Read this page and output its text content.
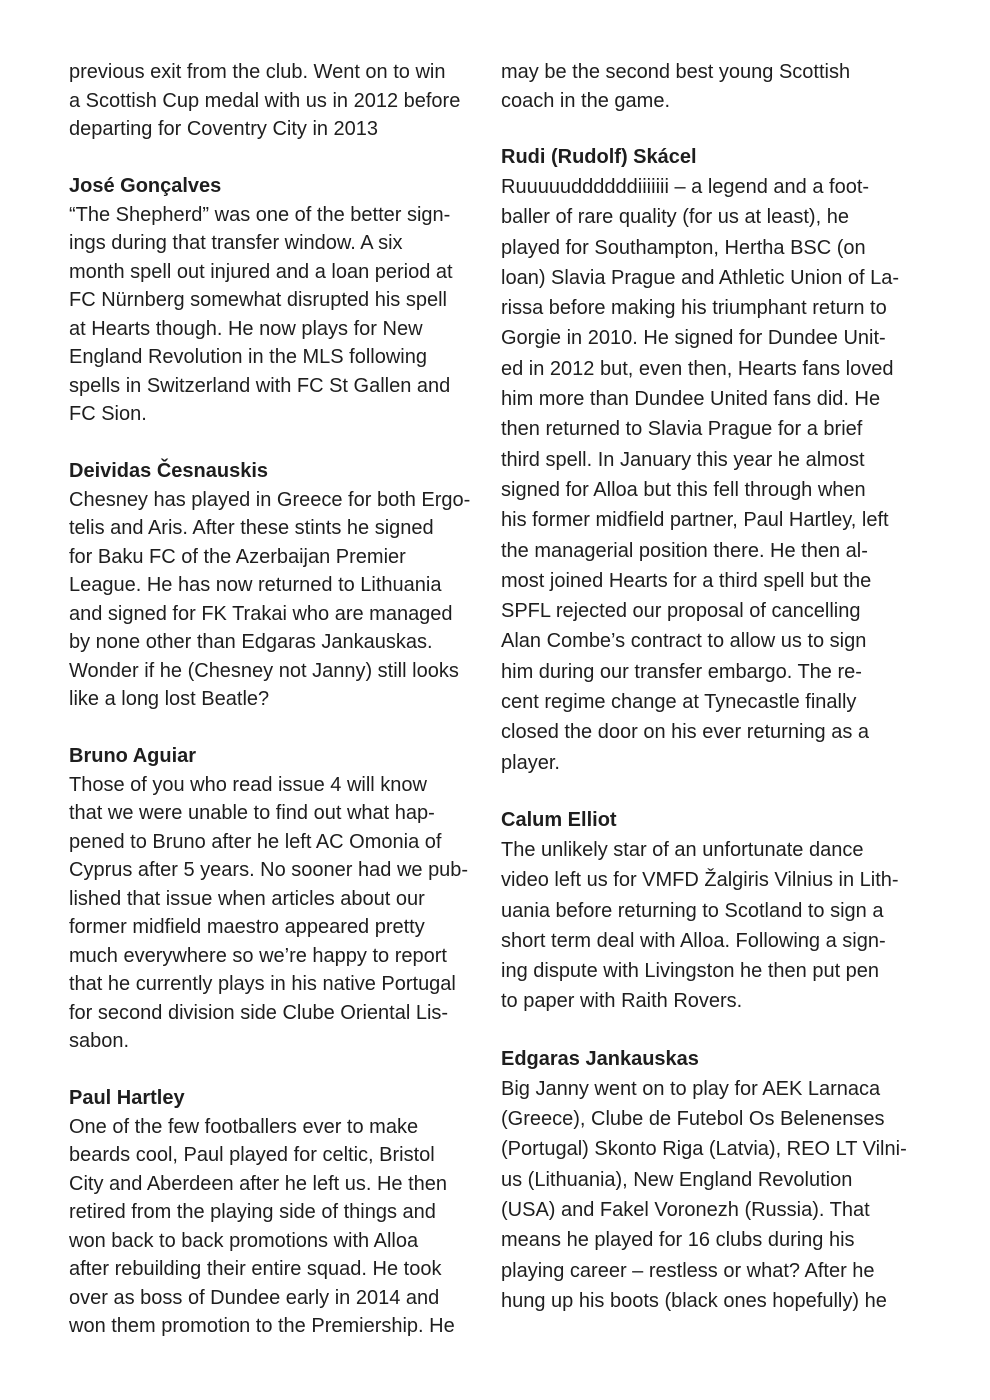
previous exit from the club. Went on to win
a Scottish Cup medal with us in 2012 before
departing for Coventry City in 2013
José Gonçalves
“The Shepherd” was one of the better sign-
ings during that transfer window. A six
month spell out injured and a loan period at
FC Nürnberg somewhat disrupted his spell
at Hearts though. He now plays for New
England Revolution in the MLS following
spells in Switzerland with FC St Gallen and
FC Sion.
Deividas Česnauskis
Chesney has played in Greece for both Ergo-
telis and Aris. After these stints he signed
for Baku FC of the Azerbaijan Premier
League. He has now returned to Lithuania
and signed for FK Trakai who are managed
by none other than Edgaras Jankauskas.
Wonder if he (Chesney not Janny) still looks
like a long lost Beatle?
Bruno Aguiar
Those of you who read issue 4 will know
that we were unable to find out what hap-
pened to Bruno after he left AC Omonia of
Cyprus after 5 years. No sooner had we pub-
lished that issue when articles about our
former midfield maestro appeared pretty
much everywhere so we’re happy to report
that he currently plays in his native Portugal
for second division side Clube Oriental Lis-
sabon.
Paul Hartley
One of the few footballers ever to make
beards cool, Paul played for celtic, Bristol
City and Aberdeen after he left us. He then
retired from the playing side of things and
won back to back promotions with Alloa
after rebuilding their entire squad. He took
over as boss of Dundee early in 2014 and
won them promotion to the Premiership. He
may be the second best young Scottish
coach in the game.
Rudi (Rudolf) Skácel
Ruuuuuddddddiiiiiii – a legend and a foot-
baller of rare quality (for us at least), he
played for Southampton, Hertha BSC (on
loan) Slavia Prague and Athletic Union of La-
rissa before making his triumphant return to
Gorgie in 2010. He signed for Dundee Unit-
ed in 2012 but, even then, Hearts fans loved
him more than Dundee United fans did. He
then returned to Slavia Prague for a brief
third spell. In January this year he almost
signed for Alloa but this fell through when
his former midfield partner, Paul Hartley, left
the managerial position there. He then al-
most joined Hearts for a third spell but the
SPFL rejected our proposal of cancelling
Alan Combe’s contract to allow us to sign
him during our transfer embargo. The re-
cent regime change at Tynecastle finally
closed the door on his ever returning as a
player.
Calum Elliot
The unlikely star of an unfortunate dance
video left us for VMFD Žalgiris Vilnius in Lith-
uania before returning to Scotland to sign a
short term deal with Alloa. Following a sign-
ing dispute with Livingston he then put pen
to paper with Raith Rovers.
Edgaras Jankauskas
Big Janny went on to play for AEK Larnaca
(Greece), Clube de Futebol Os Belenenses
(Portugal) Skonto Riga (Latvia), REO LT Vilni-
us (Lithuania), New England Revolution
(USA) and Fakel Voronezh (Russia). That
means he played for 16 clubs during his
playing career – restless or what? After he
hung up his boots (black ones hopefully) he
